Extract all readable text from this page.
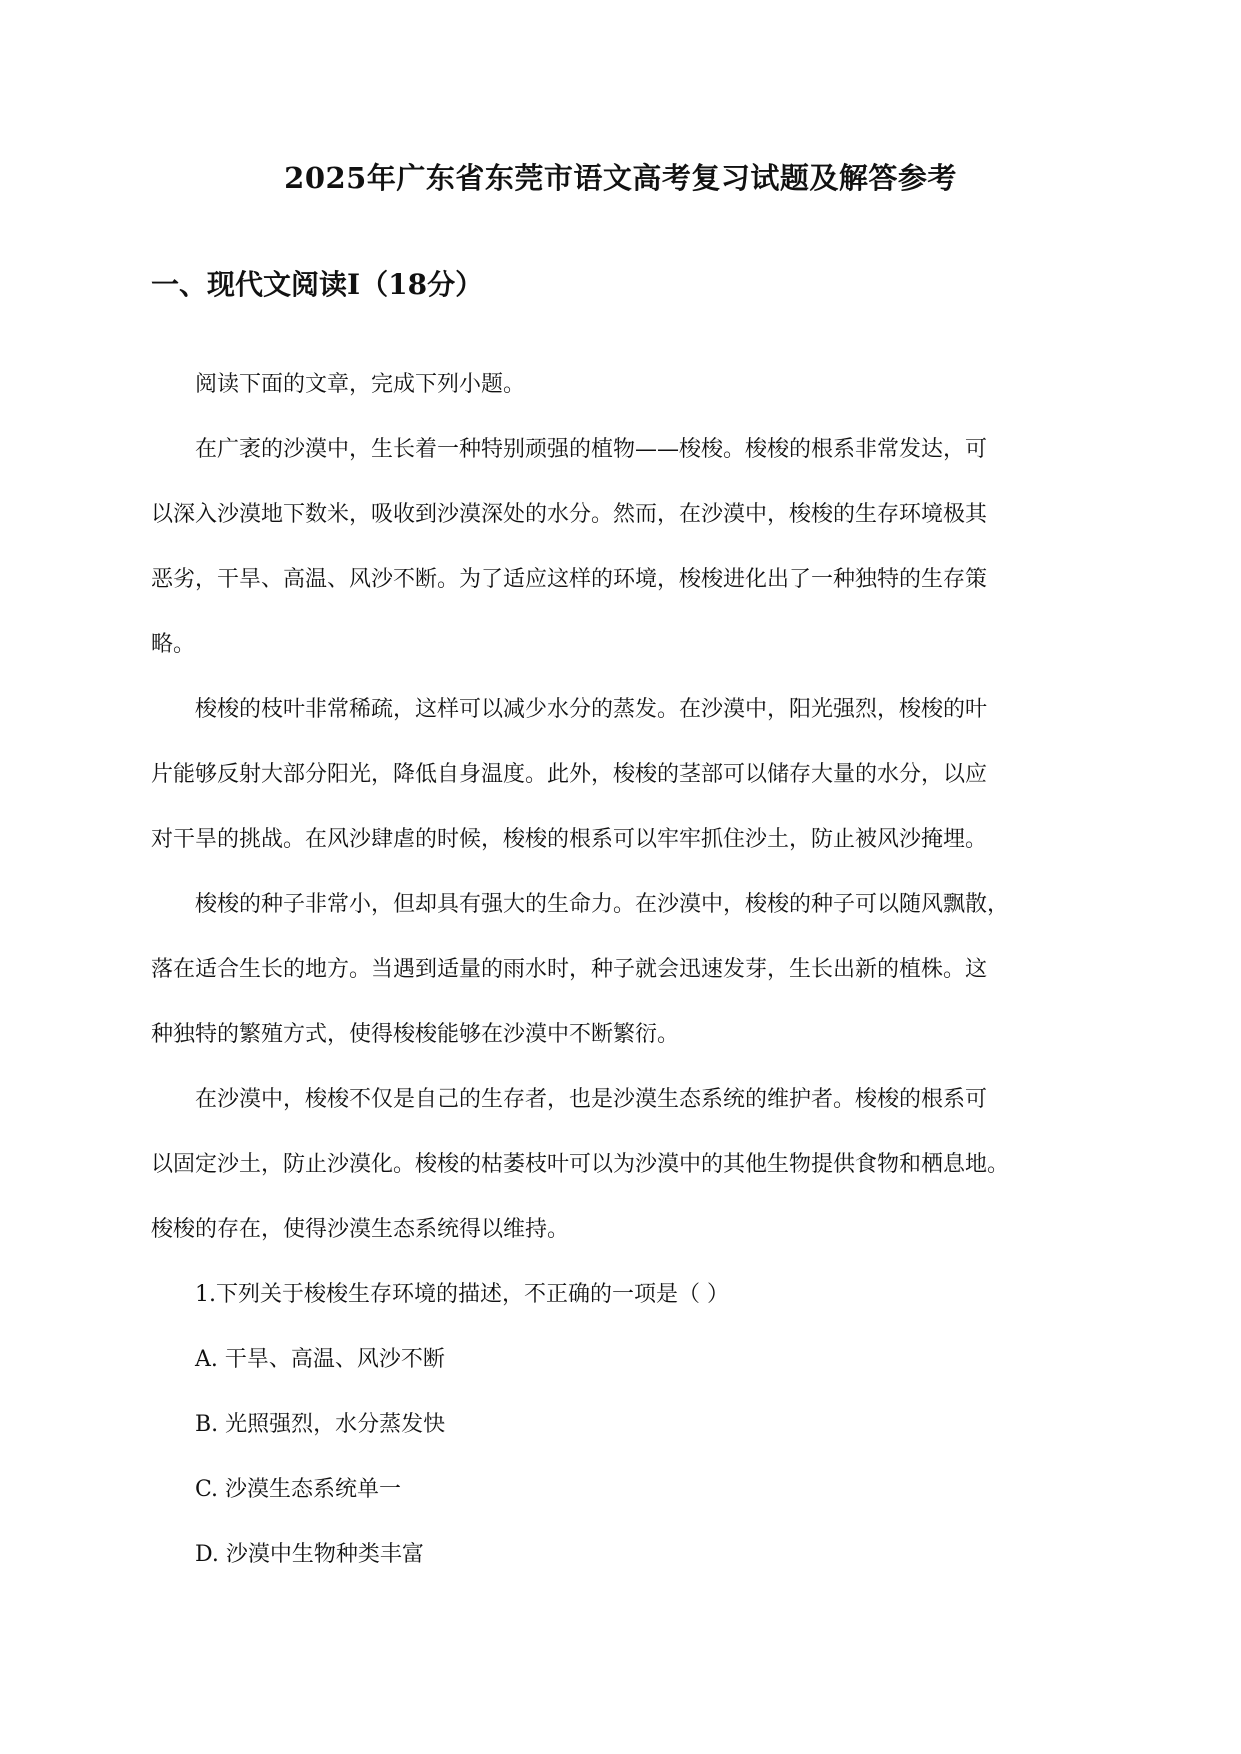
2025年广东省东莞市语文高考复习试题及解答参考
一、现代文阅读Ⅰ（18分）

阅读下面的文章，完成下列小题。

在广袤的沙漠中，生长着一种特别顽强的植物——梭梭。梭梭的根系非常发达，可
以深入沙漠地下数米，吸收到沙漠深处的水分。然而，在沙漠中，梭梭的生存环境极其
恶劣，干旱、高温、风沙不断。为了适应这样的环境，梭梭进化出了一种独特的生存策
略。

梭梭的枝叶非常稀疏，这样可以减少水分的蒸发。在沙漠中，阳光强烈，梭梭的叶
片能够反射大部分阳光，降低自身温度。此外，梭梭的茎部可以储存大量的水分，以应
对干旱的挑战。在风沙肆虐的时候，梭梭的根系可以牢牢抓住沙土，防止被风沙掩埋。

梭梭的种子非常小，但却具有强大的生命力。在沙漠中，梭梭的种子可以随风飘散，
落在适合生长的地方。当遇到适量的雨水时，种子就会迅速发芽，生长出新的植株。这
种独特的繁殖方式，使得梭梭能够在沙漠中不断繁衍。

在沙漠中，梭梭不仅是自己的生存者，也是沙漠生态系统的维护者。梭梭的根系可
以固定沙土，防止沙漠化。梭梭的枯萎枝叶可以为沙漠中的其他生物提供食物和栖息地。
梭梭的存在，使得沙漠生态系统得以维持。

1.下列关于梭梭生存环境的描述，不正确的一项是（ ）

A. 干旱、高温、风沙不断

B. 光照强烈，水分蒸发快

C. 沙漠生态系统单一

D. 沙漠中生物种类丰富
